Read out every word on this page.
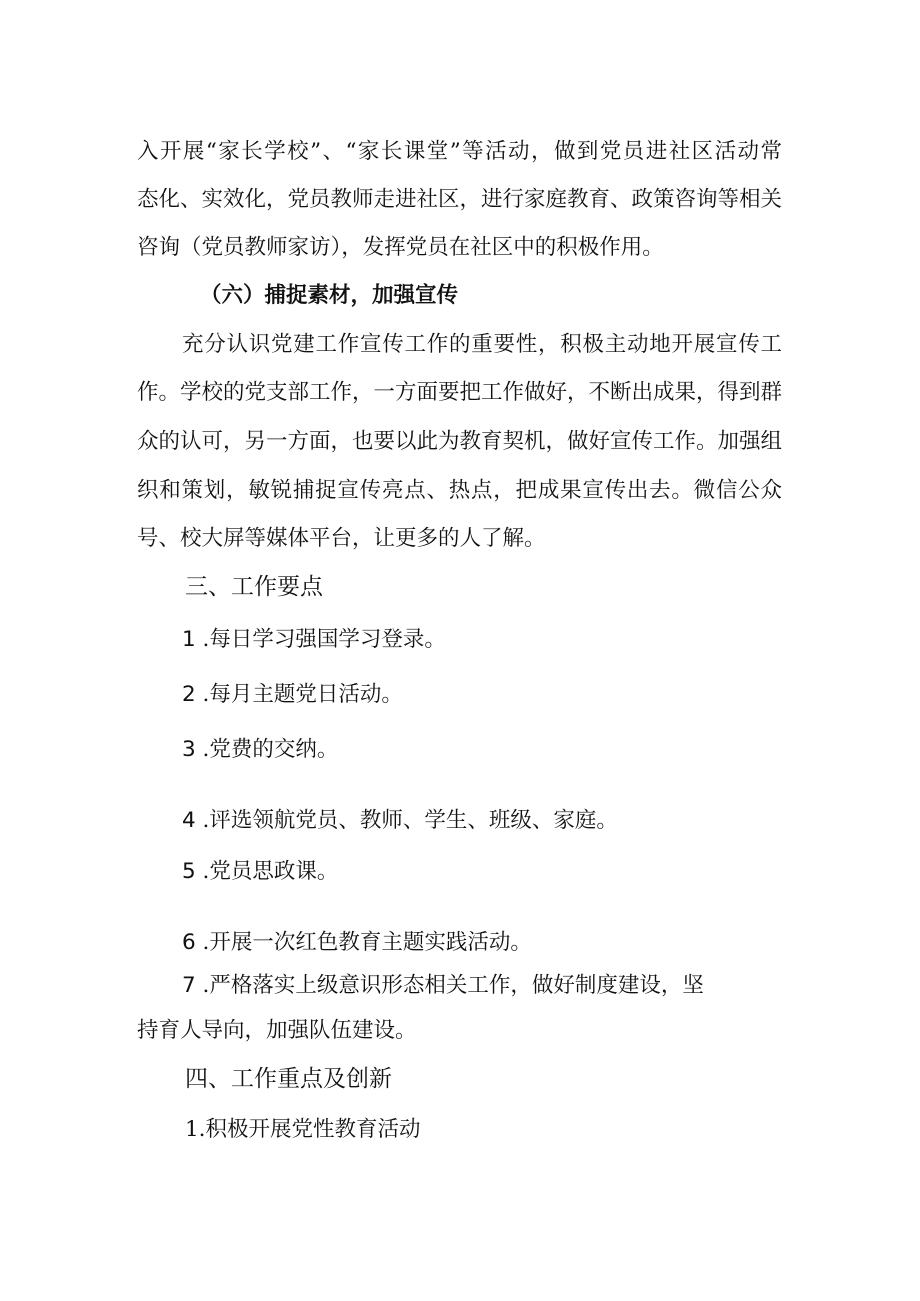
入开展“家长学校”、“家长课堂”等活动，做到党员进社区活动常
态化、实效化，党员教师走进社区，进行家庭教育、政策咨询等相关
咨询（党员教师家访），发挥党员在社区中的积极作用。
（六）捕捉素材，加强宣传
充分认识党建工作宣传工作的重要性，积极主动地开展宣传工
作。学校的党支部工作，一方面要把工作做好，不断出成果，得到群
众的认可，另一方面，也要以此为教育契机，做好宣传工作。加强组
织和策划，敏锐捕捉宣传亮点、热点，把成果宣传出去。微信公众
号、校大屏等媒体平台，让更多的人了解。
三、工作要点
1 .每日学习强国学习登录。
2 .每月主题党日活动。
3 .党费的交纳。
4 .评选领航党员、教师、学生、班级、家庭。
5 .党员思政课。
6 .开展一次红色教育主题实践活动。
7 .严格落实上级意识形态相关工作，做好制度建设，坚
持育人导向，加强队伍建设。
四、工作重点及创新
1.积极开展党性教育活动
